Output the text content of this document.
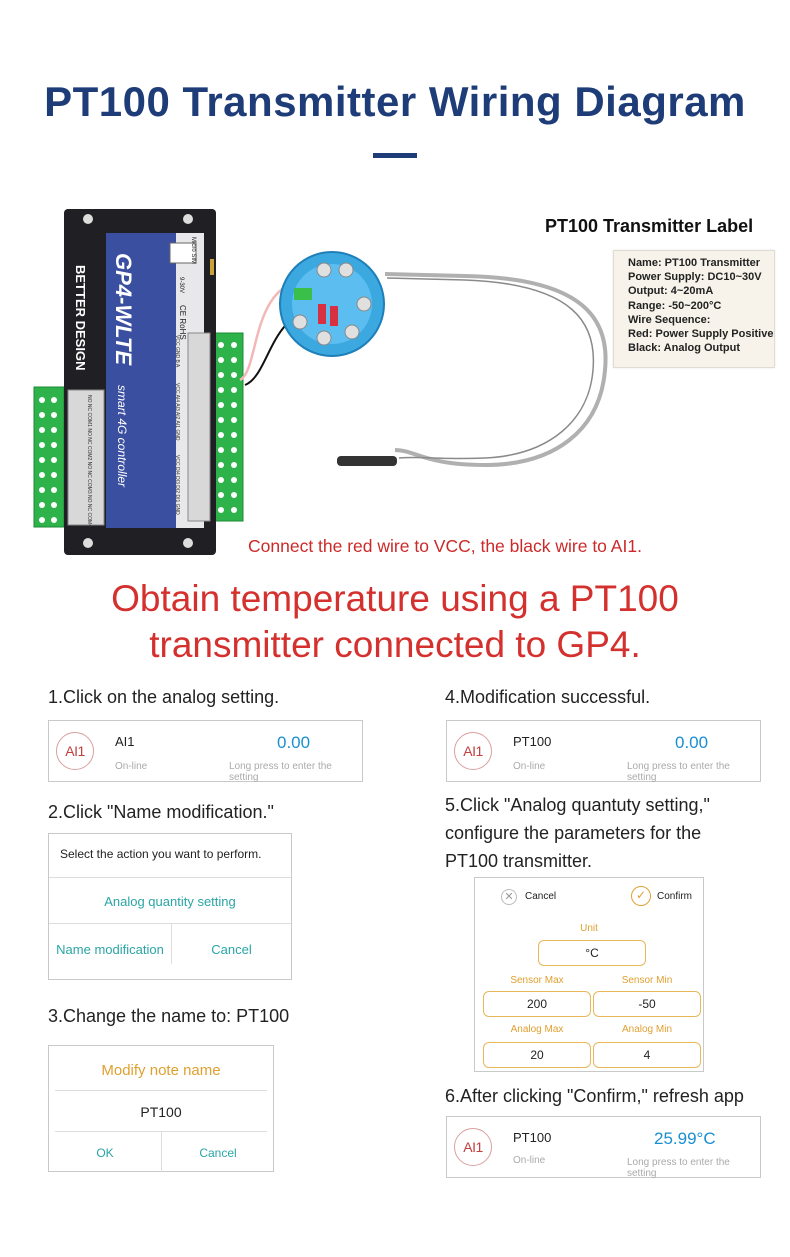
PT100 Transmitter Wiring Diagram
BETTER DESIGN GP4-WLTE
smart 4G controller
CE RoHS
Micro SIM
9-30V
VCC GND B A
VCC AI4 AI3 AI2 AI1 GND
VCC DI4 DI3 DI2 DI1 GND
NO NC COM1 NO NC COM2 NO NC COM3 NO NC COM4
PT100 Transmitter Label
Name: PT100 Transmitter
Power Supply: DC10~30V
Output: 4~20mA
Range: -50~200°C
Wire Sequence:
Red: Power Supply Positive
Black: Analog Output
Connect the red wire to VCC, the black wire to AI1.
Obtain temperature using a PT100
transmitter connected to GP4.
1.Click on the analog setting.
AI1
AI1
On-line
0.00
Long press to enter the setting
2.Click "Name modification."
Select the action you want to perform.
Analog quantity setting
Name modification	Cancel
3.Change the name to: PT100
Modify note name
PT100
OK	Cancel
4.Modification successful.
AI1
PT100
On-line
0.00
Long press to enter the setting
5.Click "Analog quantuty setting,"
configure the parameters for the
PT100 transmitter.
✕	Cancel	✓	Confirm
Unit
°C
Sensor Max	Sensor Min
200	-50
Analog Max	Analog Min
20	4
6.After clicking "Confirm," refresh app
AI1
PT100
On-line
25.99°C
Long press to enter the setting
